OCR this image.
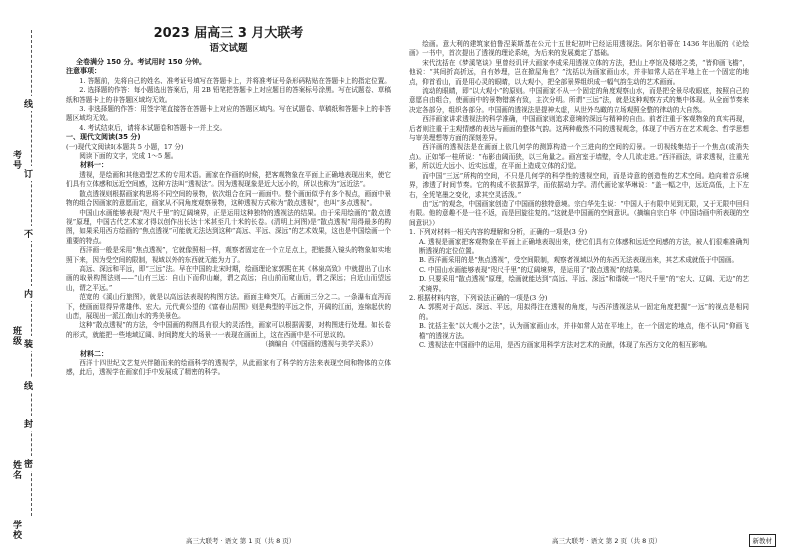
考号
班级
姓名
学校
线
订
不
内
装
线
封
密
2023 届高三 3 月大联考
语文试题

全卷满分 150 分。考试用时 150 分钟。

注意事项：

1. 答题前，先将自己的姓名、准考证号填写在答题卡上，并将准考证号条形码粘贴在答题卡上的指定位置。

2. 选择题的作答：每小题选出答案后，用 2B 铅笔把答题卡上对应题目的答案标号涂黑。写在试题卷、草稿纸和答题卡上的非答题区域均无效。

3. 非选择题的作答：用签字笔直接答在答题卡上对应的答题区域内。写在试题卷、草稿纸和答题卡上的非答题区域均无效。

4. 考试结束后，请将本试题卷和答题卡一并上交。

一、现代文阅读(35 分)

(一)现代文阅读Ⅰ(本题共 5 小题，17 分)

阅读下面的文字，完成 1～5 题。

材料一：

透视，是绘画和其他造型艺术的专用术语。画家在作画的时候，把客观物象在平面上正确地表现出来，使它们具有立体感和远近空间感，这种方法叫“透视法”。因为透视现象是近大远小的，所以也称为“远近法”。

散点透视则根据画家构思将不同空间的景物，依次组合在同一画面中。整个画面似乎有多个视点，画面中景物的组合因画家的意愿而定，画家从不同角度观察景物，这种透视方式称为“散点透视”，也叫“多点透视”。

中国山水画能够表现“咫尺千里”的辽阔境界，正是运用这种独特的透视法的结果。由于采用绘画的“散点透视”原理，中国古代艺术家才得以创作出长达十米甚至几十米的长卷。(清明上河图)是“散点透视”用得最多的构图，如果采用西方绘画的“焦点透视”可能就无法达到这种“高远、平远、深远”的艺术效果，这也是中国绘画一个重要的特点。

西洋画一般是采用“焦点透视”，它就像照相一样，观察者固定在一个立足点上，把能摄入镜头的物象如实地照下来，因为受空间的限制，视域以外的东西就无能为力了。

高远、深远和平远，即“三远”法。早在中国的北宋时期，绘画理论家郭熙在其《林泉高致》中就提出了山水画的取景构图法则——“山有三远：自山下而仰山巅，谓之高远；自山前而窥山后，谓之深远；自近山而望远山，谓之平远。”

范宽的《溪山行旅图》，就是以高远法表现的构图方法。画面主峰突兀，占画面三分之二。一条瀑布直泻而下，使画面显得异常雄伟、宏大。元代黄公望的《富春山居图》则是典型的平远之作，开阔的江面，连绵起伏的山峦，展现出一派江南山水的秀美景色。

这种“散点透视”的方法，令中国画的构图具有很大的灵活性，画家可以根据需要，对构图进行处理。如长卷的形式，就能把一些地域辽阔、时间跨度大的场景一一表现在画面上，这在西画中是不可思议的。

（摘编自《中国画的透视与美学关系》）

材料二：

西洋十四世纪文艺复兴伴随而来的绘画科学的透视学，从此画家有了科学的方法来表现空间和物体的立体感，此后，透视学在画家们手中发展成了精密的科学。

绘画。意大利的建筑家伯鲁涅莱斯基在公元十五世纪初叶已经运用透视法。阿尔伯蒂在 1436 年出版的《论绘画》一书中，首次提出了透视的理论系统，为后来的发展奠定了基础。

宋代沈括在《梦溪笔谈》里曾经讥评大画家李成采用透视立体的方法，把山上亭馆及楼塔之类，“皆仰画飞檐”，他说：“其间折高折远，自有妙理，岂在掀屋角也？”沈括以为画家画山水，并非如常人站在平地上在一个固定的地点，仰首看山，而是用心灵的眼睛，以大观小，把全部景界组织成一幅气韵生动的艺术画面。

流动的眼睛，即“以大观小”的原则。中国画家不从一个固定的角度观察山水，而是把全景尽收眼底，按照自己的意愿自由组合，使画面中的景物错落有致，主次分明。所谓“三远”法，就是这种观察方式的集中体现。从全面节奏来决定各部分，组织各部分。中国画的透视法是提神太虚，从世外鸟瞰的立场观照全整的律动的大自然。

西洋画家讲求透视法的科学准确，中国画家则追求意境的深远与精神的自由。前者注重于客观物象的真实再现，后者则注重于主观情感的表达与画面的整体气韵。这两种截然不同的透视观念，体现了中西方在艺术观念、哲学思想与审美理想等方面的深刻差异。

西洋画的透视法是在画面上依几何学的测算构造一个三进向的空间的幻景。一切视线集结于一个焦点(或消失点)。正如邹一桂所说：“布影由阔而狭，以三角量之。画宫室于墙壁，令人几欲走进。”西洋画法，讲求透视，注重光影，所以近大远小、近实远虚，在平面上造成立体的幻觉。

而中国“三远”所构的空间，不只是几何学的科学性的透视空间，而是诗意的创造性的艺术空间。趋向着音乐境界，渗透了时间节奏。它的构成不依据算学，而依据动力学。清代画论家华琳说：“盖一幅之中，远近高低，上下左右，全凭笔墨之变化，求其空灵活泼。”

由“远”的观念，中国画家创造了中国画的独特意境。宗白华先生说：“中国人于有限中见到无限，又于无限中回归有限。他的意趣不是一往不返，而是回旋往复的。”这就是中国画的空间意识。（摘编自宗白华《中国诗画中所表现的空间意识》）

1. 下列对材料一相关内容的理解和分析，正确的一项是(3 分)

A. 透视是画家把客观物象在平面上正确地表现出来，使它们具有立体感和远近空间感的方法，被人们很难准确判断透视的定位位置。

B. 西洋画采用的是“焦点透视”，受空间限制，观察者视域以外的东西无法表现出来，其艺术成就低于中国画。

C. 中国山水画能够表现“咫尺千里”的辽阔境界，是运用了“散点透视”的结果。

D. 只要采用“散点透视”原理，绘画就能达到“高远、平远、深远”和谐统一“咫尺千里”的“宏大、辽阔、无边”的艺术境界。

2. 根据材料内容，下列说法正确的一项是(3 分)

A. 郭熙对于高远、深远、平远，用拟得注在透视的角度，与西洋透视法从一固定角度把握“一远”的视点是相同的。

B. 沈括主张“以大观小之法”，认为画家画山水，并非如常人站在平地上，在一个固定的地点，他不认同“仰画飞檐”的透视方法。

C. 透视法在中国画中的运用，是西方画家用科学方法对艺术的贡献，体现了东西方文化的相互影响。

高三大联考 · 语文 第 1 页（共 8 页）	高三大联考 · 语文 第 2 页（共 8 页）	新教材
